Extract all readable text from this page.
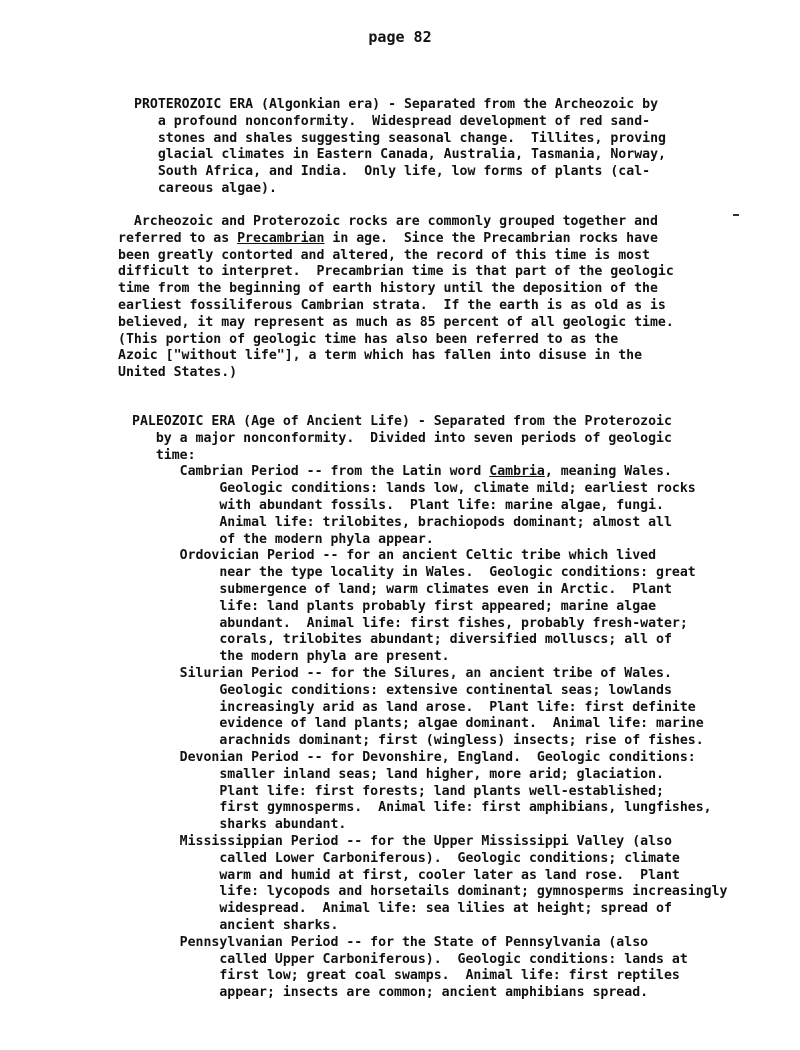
page 82
PROTEROZOIC ERA (Algonkian era) - Separated from the Archeozoic by
a profound nonconformity.  Widespread development of red sand-
stones and shales suggesting seasonal change.  Tillites, proving
glacial climates in Eastern Canada, Australia, Tasmania, Norway,
South Africa, and India.  Only life, low forms of plants (cal-
careous algae).
Archeozoic and Proterozoic rocks are commonly grouped together and
referred to as Precambrian in age.  Since the Precambrian rocks have
been greatly contorted and altered, the record of this time is most
difficult to interpret.  Precambrian time is that part of the geologic
time from the beginning of earth history until the deposition of the
earliest fossiliferous Cambrian strata.  If the earth is as old as is
believed, it may represent as much as 85 percent of all geologic time.
(This portion of geologic time has also been referred to as the
Azoic ["without life"], a term which has fallen into disuse in the
United States.)
PALEOZOIC ERA (Age of Ancient Life) - Separated from the Proterozoic
by a major nonconformity.  Divided into seven periods of geologic
time:
Cambrian Period -- from the Latin word Cambria, meaning Wales.
Geologic conditions: lands low, climate mild; earliest rocks
with abundant fossils.  Plant life: marine algae, fungi.
Animal life: trilobites, brachiopods dominant; almost all
of the modern phyla appear.
Ordovician Period -- for an ancient Celtic tribe which lived
near the type locality in Wales.  Geologic conditions: great
submergence of land; warm climates even in Arctic.  Plant
life: land plants probably first appeared; marine algae
abundant.  Animal life: first fishes, probably fresh-water;
corals, trilobites abundant; diversified molluscs; all of
the modern phyla are present.
Silurian Period -- for the Silures, an ancient tribe of Wales.
Geologic conditions: extensive continental seas; lowlands
increasingly arid as land arose.  Plant life: first definite
evidence of land plants; algae dominant.  Animal life: marine
arachnids dominant; first (wingless) insects; rise of fishes.
Devonian Period -- for Devonshire, England.  Geologic conditions:
smaller inland seas; land higher, more arid; glaciation.
Plant life: first forests; land plants well-established;
first gymnosperms.  Animal life: first amphibians, lungfishes,
sharks abundant.
Mississippian Period -- for the Upper Mississippi Valley (also
called Lower Carboniferous).  Geologic conditions; climate
warm and humid at first, cooler later as land rose.  Plant
life: lycopods and horsetails dominant; gymnosperms increasingly
widespread.  Animal life: sea lilies at height; spread of
ancient sharks.
Pennsylvanian Period -- for the State of Pennsylvania (also
called Upper Carboniferous).  Geologic conditions: lands at
first low; great coal swamps.  Animal life: first reptiles
appear; insects are common; ancient amphibians spread.
